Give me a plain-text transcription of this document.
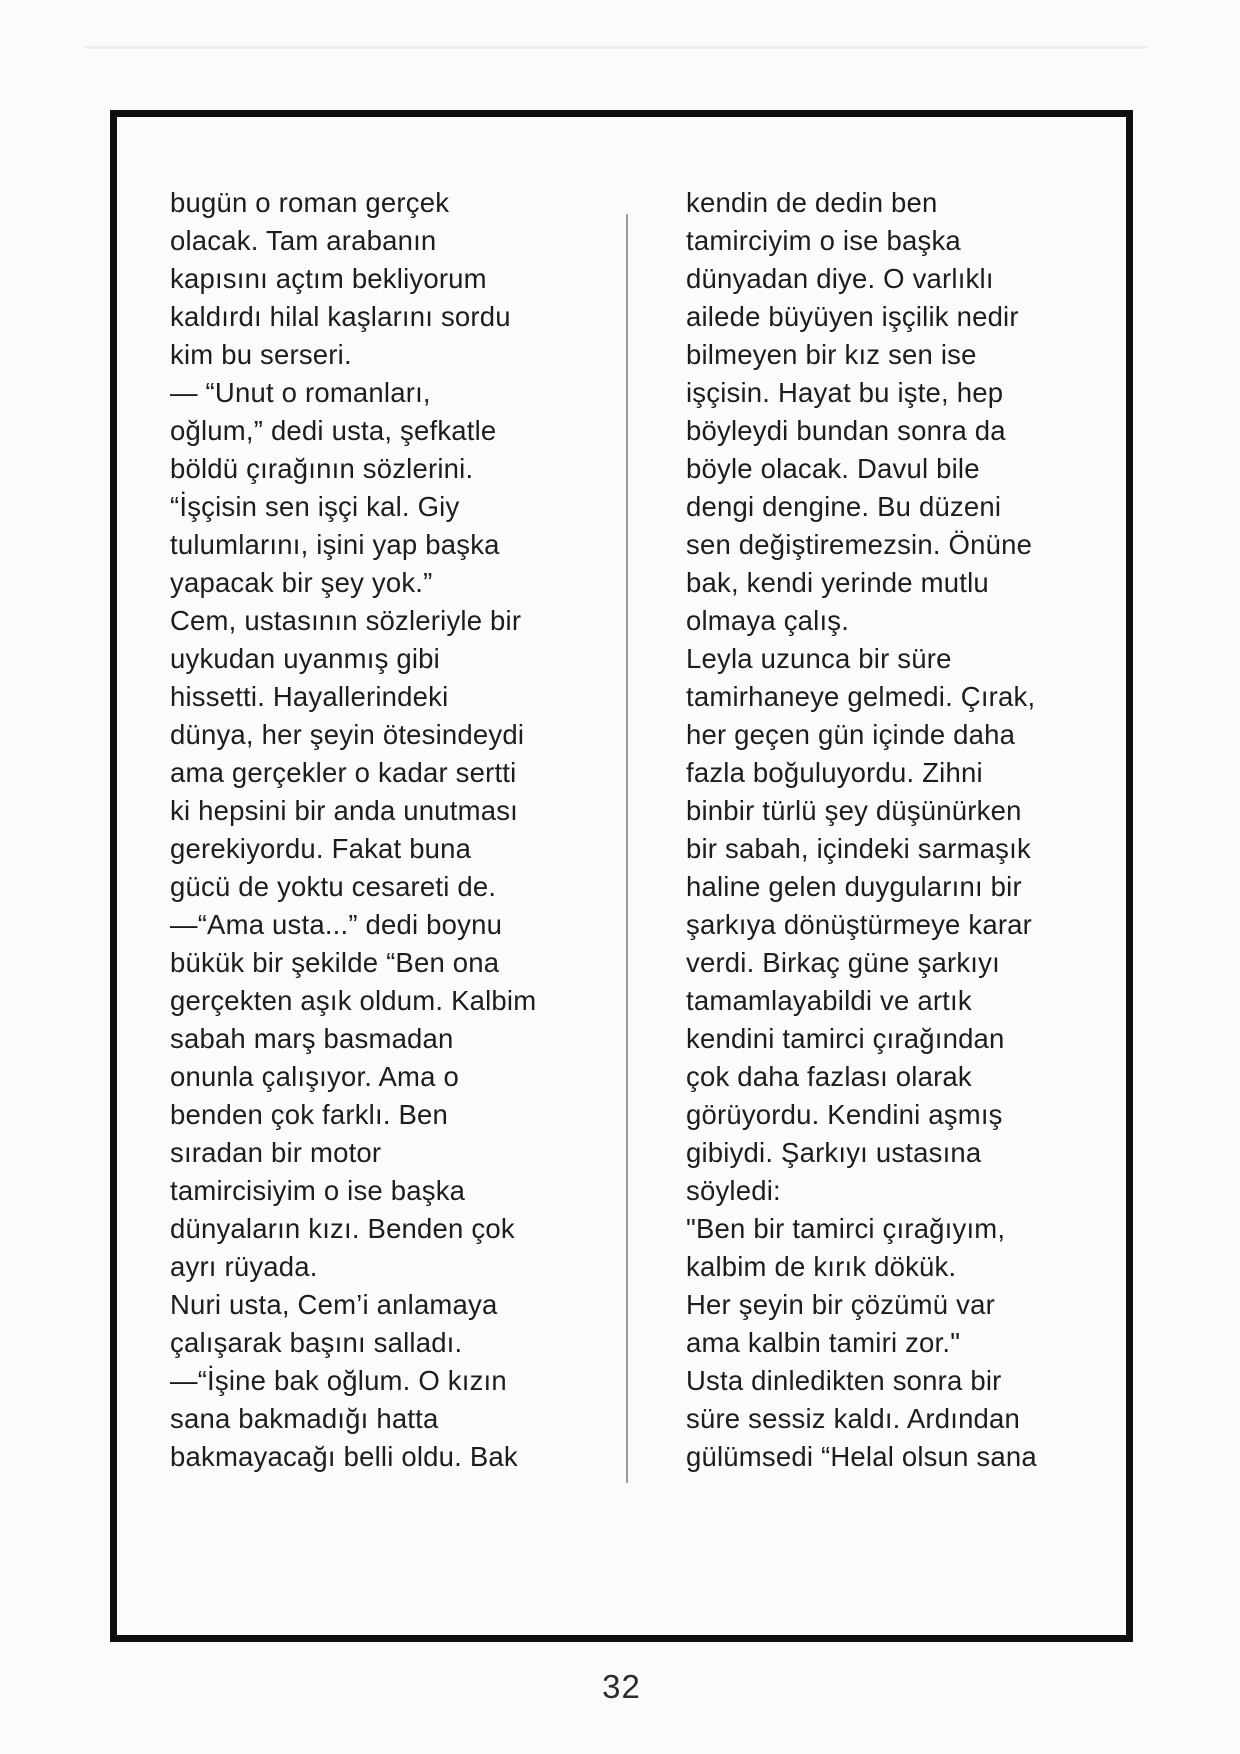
bugün o roman gerçek
olacak. Tam arabanın
kapısını açtım bekliyorum
kaldırdı hilal kaşlarını sordu
kim bu serseri.
— “Unut o romanları,
oğlum,” dedi usta, şefkatle
böldü çırağının sözlerini.
“İşçisin sen işçi kal. Giy
tulumlarını, işini yap başka
yapacak bir şey yok.”
Cem, ustasının sözleriyle bir
uykudan uyanmış gibi
hissetti. Hayallerindeki
dünya, her şeyin ötesindeydi
ama gerçekler o kadar sertti
ki hepsini bir anda unutması
gerekiyordu. Fakat buna
gücü de yoktu cesareti de.
—“Ama usta...” dedi boynu
bükük bir şekilde “Ben ona
gerçekten aşık oldum. Kalbim
sabah marş basmadan
onunla çalışıyor. Ama o
benden çok farklı. Ben
sıradan bir motor
tamircisiyim o ise başka
dünyaların kızı. Benden çok
ayrı rüyada.
Nuri usta, Cem’i anlamaya
çalışarak başını salladı.
—“İşine bak oğlum. O kızın
sana bakmadığı hatta
bakmayacağı belli oldu. Bak
kendin de dedin ben
tamirciyim o ise başka
dünyadan diye. O varlıklı
ailede büyüyen işçilik nedir
bilmeyen bir kız sen ise
işçisin. Hayat bu işte, hep
böyleydi bundan sonra da
böyle olacak. Davul bile
dengi dengine. Bu düzeni
sen değiştiremezsin. Önüne
bak, kendi yerinde mutlu
olmaya çalış.
Leyla uzunca bir süre
tamirhaneye gelmedi. Çırak,
her geçen gün içinde daha
fazla boğuluyordu. Zihni
binbir türlü şey düşünürken
bir sabah, içindeki sarmaşık
haline gelen duygularını bir
şarkıya dönüştürmeye karar
verdi. Birkaç güne şarkıyı
tamamlayabildi ve artık
kendini tamirci çırağından
çok daha fazlası olarak
görüyordu. Kendini aşmış
gibiydi. Şarkıyı ustasına
söyledi:
"Ben bir tamirci çırağıyım,
kalbim de kırık dökük.
Her şeyin bir çözümü var
ama kalbin tamiri zor."
Usta dinledikten sonra bir
süre sessiz kaldı. Ardından
gülümsedi “Helal olsun sana
32
